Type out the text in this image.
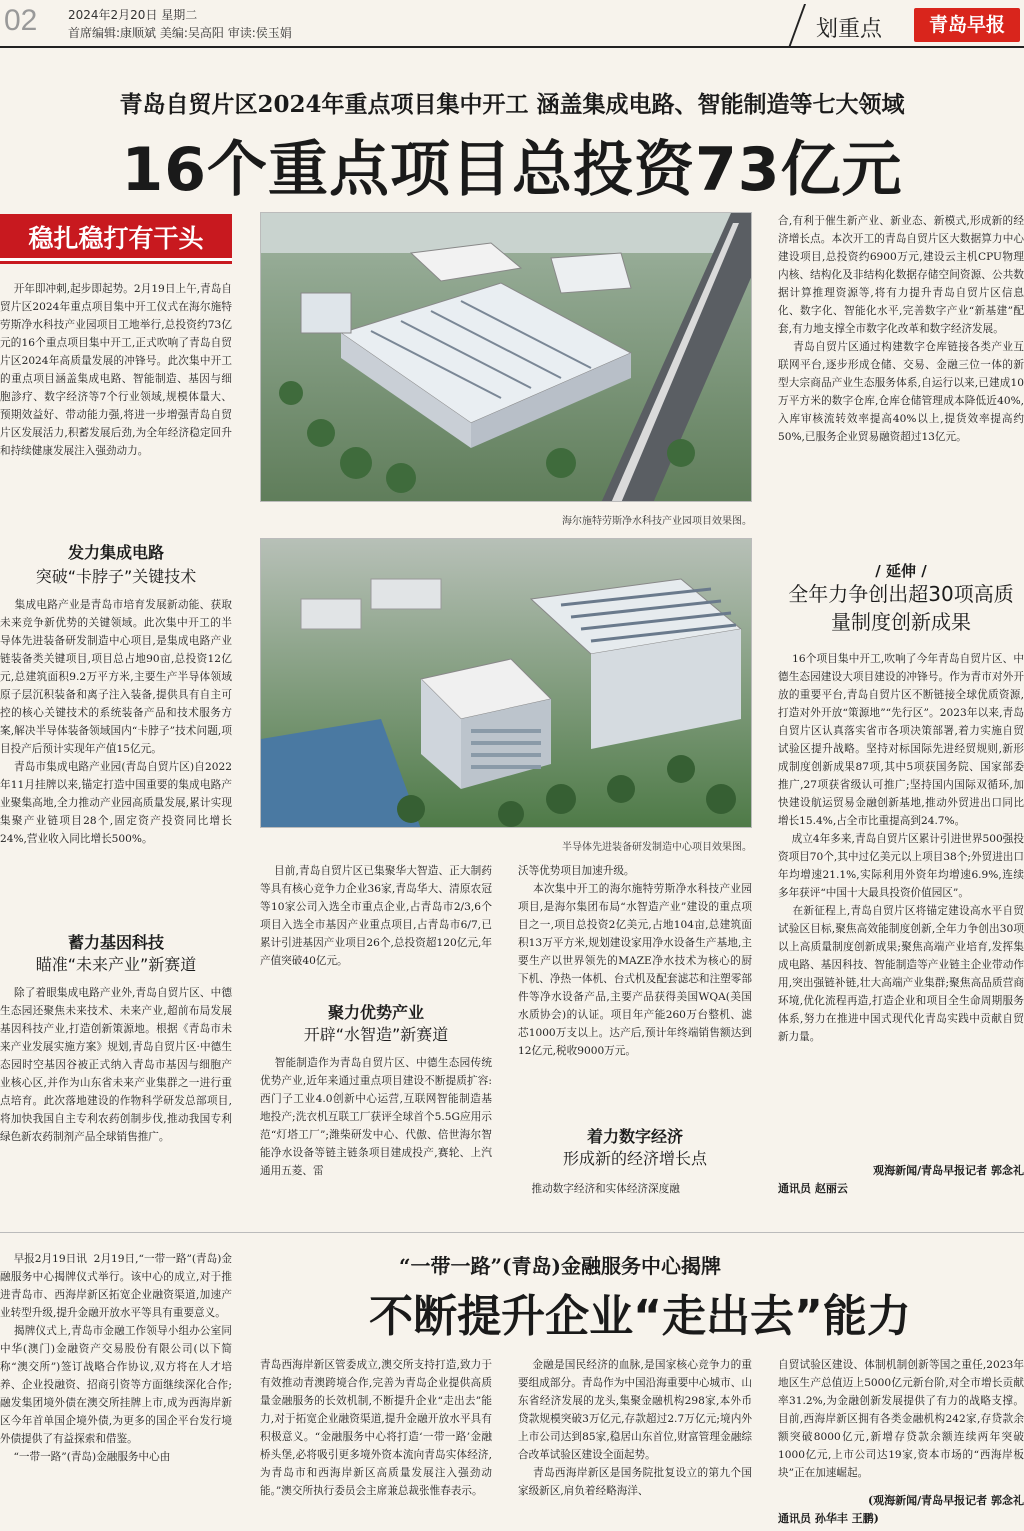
02	2024年2月20日 星期二
首席编辑:康顺斌 美编:吴高阳 审读:侯玉娟	划重点	青岛早报
青岛自贸片区2024年重点项目集中开工 涵盖集成电路、智能制造等七大领域
16个重点项目总投资73亿元
稳扎稳打有干头
开年即冲刺,起步即起势。2月19日上午,青岛自贸片区2024年重点项目集中开工仪式在海尔施特劳斯净水科技产业园项目工地举行,总投资约73亿元的16个重点项目集中开工,正式吹响了青岛自贸片区2024年高质量发展的冲锋号。此次集中开工的重点项目涵盖集成电路、智能制造、基因与细胞診疗、数字经济等7个行业领域,规模体量大、预期效益好、带动能力强,将进一步增强青岛自贸片区发展活力,积蓄发展后劲,为全年经济稳定回升和持续健康发展注入强劲动力。
发力集成电路
突破“卡脖子”关键技术
集成电路产业是青岛市培育发展新动能、获取未来竞争新优势的关键领域。此次集中开工的半导体先进装备研发制造中心项目,是集成电路产业链装备类关键项目,项目总占地90亩,总投资12亿元,总建筑面积9.2万平方米,主要生产半导体领域原子层沉积装备和离子注入装备,提供具有自主可控的核心关键技术的系统装备产品和技术服务方案,解决半导体装备领域国内“卡脖子”技术问题,项目投产后预计实现年产值15亿元。
青岛市集成电路产业园(青岛自贸片区)自2022年11月挂牌以来,锚定打造中国重要的集成电路产业聚集高地,全力推动产业园高质量发展,累计实现集聚产业链项目28个,固定资产投资同比增长24%,营业收入同比增长500%。
蓄力基因科技
瞄准“未来产业”新赛道
除了着眼集成电路产业外,青岛自贸片区、中德生态园还聚焦未来技术、未来产业,超前布局发展基因科技产业,打造创新策源地。根据《青岛市未来产业发展实施方案》规划,青岛自贸片区·中德生态园时空基因谷被正式纳入青岛市基因与细胞产业核心区,并作为山东省未来产业集群之一进行重点培育。此次落地建设的作物科学研发总部项目,将加快我国自主专利农药创制步伐,推动我国专利绿色新农药制剂产品全球销售推广。
海尔施特劳斯净水科技产业园项目效果图。
半导体先进装备研发制造中心项目效果图。
目前,青岛自贸片区已集聚华大智造、正大制药等具有核心竞争力企业36家,青岛华大、清原农冠等10家公司入选全市重点企业,占青岛市2/3,6个项目入选全市基因产业重点项目,占青岛市6/7,已累计引进基因产业项目26个,总投资超120亿元,年产值突破40亿元。
聚力优势产业
开辟“水智造”新赛道
智能制造作为青岛自贸片区、中德生态园传统优势产业,近年来通过重点项目建设不断提质扩容:西门子工业4.0创新中心运营,互联网智能制造基地投产;洗衣机互联工厂获评全球首个5.5G应用示范“灯塔工厂”;潍柴研发中心、代傲、倍世海尔智能净水设备等链主链条项目建成投产,赛轮、上汽通用五菱、雷
沃等优势项目加速升级。
本次集中开工的海尔施特劳斯净水科技产业园项目,是海尔集团布局“水智造产业”建设的重点项目之一,项目总投资2亿美元,占地104亩,总建筑面积13万平方米,规划建设家用净水设备生产基地,主要生产以世界领先的MAZE净水技术为核心的厨下机、净热一体机、台式机及配套滤芯和注塑零部件等净水设备产品,主要产品获得美国WQA(美国水质协会)的认证。项目年产能260万台整机、滤芯1000万支以上。达产后,预计年终端销售额达到12亿元,税收9000万元。
着力数字经济
形成新的经济增长点
推动数字经济和实体经济深度融
合,有利于催生新产业、新业态、新模式,形成新的经济增长点。本次开工的青岛自贸片区大数据算力中心建设项目,总投资约6900万元,建设云主机CPU物理内核、结构化及非结构化数据存储空间资源、公共数据计算推理资源等,将有力提升青岛自贸片区信息化、数字化、智能化水平,完善数字产业“新基建”配套,有力地支撑全市数字化改革和数字经济发展。
青岛自贸片区通过构建数字仓库链接各类产业互联网平台,逐步形成仓储、交易、金融三位一体的新型大宗商品产业生态服务体系,自运行以来,已建成10万平方米的数字仓库,仓库仓储管理成本降低近40%,入库审核流转效率提高40%以上,提货效率提高约50%,已服务企业贸易融资超过13亿元。
/ 延伸 /
全年力争创出超30项高质量制度创新成果
16个项目集中开工,吹响了今年青岛自贸片区、中德生态园建设大项目建设的冲锋号。作为青市对外开放的重要平台,青岛自贸片区不断链接全球优质资源,打造对外开放“策源地”“先行区”。2023年以来,青岛自贸片区认真落实省市各项决策部署,着力实施自贸试验区提升战略。坚持对标国际先进经贸规则,新形成制度创新成果87项,其中5项获国务院、国家部委推广,27项获省级认可推广;坚持国内国际双循环,加快建设航运贸易金融创新基地,推动外贸进出口同比增长15.4%,占全市比重提高到24.7%。
成立4年多来,青岛自贸片区累计引进世界500强投资项目70个,其中过亿美元以上项目38个;外贸进出口年均增速21.1%,实际利用外资年均增速6.9%,连续多年获评“中国十大最具投资价值园区”。
在新征程上,青岛自贸片区将锚定建设高水平自贸试验区目标,聚焦高效能制度创新,全年力争创出30项以上高质量制度创新成果;聚焦高端产业培育,发挥集成电路、基因科技、智能制造等产业链主企业带动作用,突出强链补链,壮大高端产业集群;聚焦高品质营商环境,优化流程再造,打造企业和项目全生命周期服务体系,努力在推进中国式现代化青岛实践中贡献自贸新力量。
观海新闻/青岛早报记者 郭念礼
通讯员 赵丽云
“一带一路”(青岛)金融服务中心揭牌
不断提升企业“走出去”能力
早报2月19日讯  2月19日,“一带一路”(青岛)金融服务中心揭牌仪式举行。该中心的成立,对于推进青岛市、西海岸新区拓宽企业融资渠道,加速产业转型升级,提升金融开放水平等具有重要意义。
揭牌仪式上,青岛市金融工作领导小组办公室同中华(澳门)金融资产交易股份有限公司(以下简称“澳交所”)签订战略合作协议,双方将在人才培养、企业投融资、招商引资等方面继续深化合作;融发集团境外债在澳交所挂牌上市,成为西海岸新区今年首单国企境外债,为更多的国企平台发行境外债提供了有益探索和借鉴。
“一带一路”(青岛)金融服务中心由
青岛西海岸新区管委成立,澳交所支持打造,致力于有效推动青澳跨境合作,完善为青岛企业提供高质量金融服务的长效机制,不断提升企业“走出去”能力,对于拓宽企业融资渠道,提升金融开放水平具有积极意义。“金融服务中心将打造‘一带一路’金融桥头堡,必将吸引更多境外资本流向青岛实体经济,为青岛市和西海岸新区高质量发展注入强劲动能。”澳交所执行委员会主席兼总裁张惟春表示。
金融是国民经济的血脉,是国家核心竞争力的重要组成部分。青岛作为中国沿海重要中心城市、山东省经济发展的龙头,集聚金融机构298家,本外币贷款规模突破3万亿元,存款超过2.7万亿元;境内外上市公司达到85家,稳居山东首位,财富管理金融综合改革试验区建设全面起势。
青岛西海岸新区是国务院批复设立的第九个国家级新区,肩负着经略海洋、
自贸试验区建设、体制机制创新等国之重任,2023年地区生产总值迈上5000亿元新台阶,对全市增长贡献率31.2%,为金融创新发展提供了有力的战略支撑。目前,西海岸新区拥有各类金融机构242家,存贷款余额突破8000亿元,新增存贷款余额连续两年突破1000亿元,上市公司达19家,资本市场的“西海岸板块”正在加速崛起。
(观海新闻/青岛早报记者 郭念礼
通讯员 孙华丰 王鹏)
